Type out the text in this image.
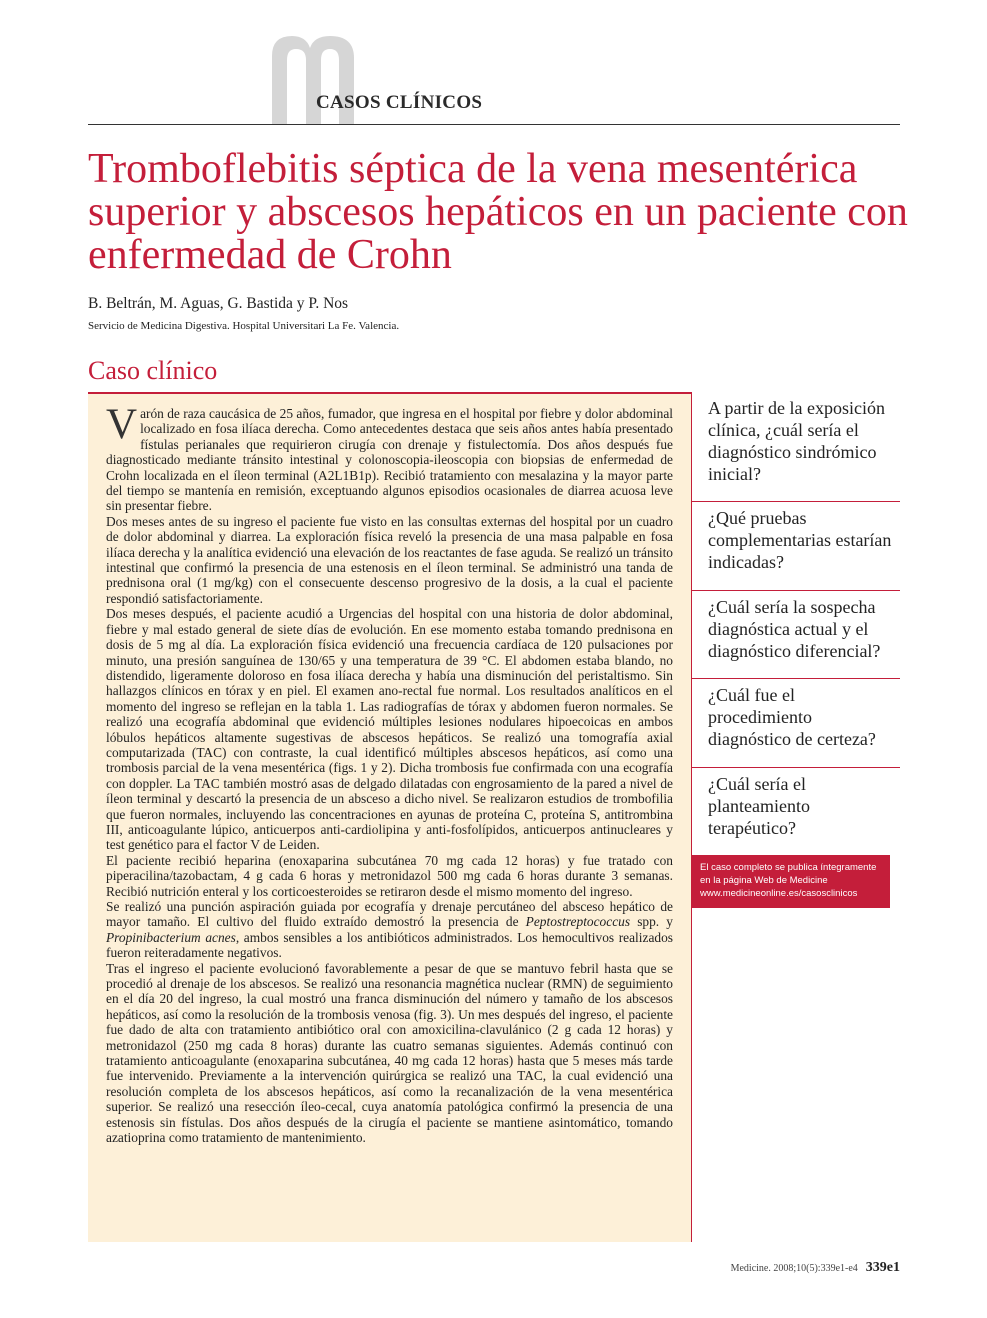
CASOS CLÍNICOS
Tromboflebitis séptica de la vena mesentérica superior y abscesos hepáticos en un paciente con enfermedad de Crohn
B. Beltrán, M. Aguas, G. Bastida y P. Nos
Servicio de Medicina Digestiva. Hospital Universitari La Fe. Valencia.
Caso clínico

Varón de raza caucásica de 25 años, fumador, que ingresa en el hospital por fiebre y dolor abdominal localizado en fosa ilíaca derecha. Como antecedentes destaca que seis años antes había presentado fístulas perianales que requirieron cirugía con drenaje y fistulectomía. Dos años después fue diagnosticado mediante tránsito intestinal y colonoscopia-ileoscopia con biopsias de enfermedad de Crohn localizada en el íleon terminal (A2L1B1p). Recibió tratamiento con mesalazina y la mayor parte del tiempo se mantenía en remisión, exceptuando algunos episodios ocasionales de diarrea acuosa leve sin presentar fiebre.

Dos meses antes de su ingreso el paciente fue visto en las consultas externas del hospital por un cuadro de dolor abdominal y diarrea. La exploración física reveló la presencia de una masa palpable en fosa ilíaca derecha y la analítica evidenció una elevación de los reactantes de fase aguda. Se realizó un tránsito intestinal que confirmó la presencia de una estenosis en el íleon terminal. Se administró una tanda de prednisona oral (1 mg/kg) con el consecuente descenso progresivo de la dosis, a la cual el paciente respondió satisfactoriamente.

Dos meses después, el paciente acudió a Urgencias del hospital con una historia de dolor abdominal, fiebre y mal estado general de siete días de evolución. En ese momento estaba tomando prednisona en dosis de 5 mg al día. La exploración física evidenció una frecuencia cardíaca de 120 pulsaciones por minuto, una presión sanguínea de 130/65 y una temperatura de 39 °C. El abdomen estaba blando, no distendido, ligeramente doloroso en fosa ilíaca derecha y había una disminución del peristaltismo. Sin hallazgos clínicos en tórax y en piel. El examen ano-rectal fue normal. Los resultados analíticos en el momento del ingreso se reflejan en la tabla 1. Las radiografías de tórax y abdomen fueron normales. Se realizó una ecografía abdominal que evidenció múltiples lesiones nodulares hipoecoicas en ambos lóbulos hepáticos altamente sugestivas de abscesos hepáticos. Se realizó una tomografía axial computarizada (TAC) con contraste, la cual identificó múltiples abscesos hepáticos, así como una trombosis parcial de la vena mesentérica (figs. 1 y 2). Dicha trombosis fue confirmada con una ecografía con doppler. La TAC también mostró asas de delgado dilatadas con engrosamiento de la pared a nivel de íleon terminal y descartó la presencia de un absceso a dicho nivel. Se realizaron estudios de trombofilia que fueron normales, incluyendo las concentraciones en ayunas de proteína C, proteína S, antitrombina III, anticoagulante lúpico, anticuerpos anti-cardiolipina y anti-fosfolípidos, anticuerpos antinucleares y test genético para el factor V de Leiden.

El paciente recibió heparina (enoxaparina subcutánea 70 mg cada 12 horas) y fue tratado con piperacilina/tazobactam, 4 g cada 6 horas y metronidazol 500 mg cada 6 horas durante 3 semanas. Recibió nutrición enteral y los corticoesteroides se retiraron desde el mismo momento del ingreso.

Se realizó una punción aspiración guiada por ecografía y drenaje percutáneo del absceso hepático de mayor tamaño. El cultivo del fluido extraído demostró la presencia de Peptostreptococcus spp. y Propinibacterium acnes, ambos sensibles a los antibióticos administrados. Los hemocultivos realizados fueron reiteradamente negativos.

Tras el ingreso el paciente evolucionó favorablemente a pesar de que se mantuvo febril hasta que se procedió al drenaje de los abscesos. Se realizó una resonancia magnética nuclear (RMN) de seguimiento en el día 20 del ingreso, la cual mostró una franca disminución del número y tamaño de los abscesos hepáticos, así como la resolución de la trombosis venosa (fig. 3). Un mes después del ingreso, el paciente fue dado de alta con tratamiento antibiótico oral con amoxicilina-clavulánico (2 g cada 12 horas) y metronidazol (250 mg cada 8 horas) durante las cuatro semanas siguientes. Además continuó con tratamiento anticoagulante (enoxaparina subcutánea, 40 mg cada 12 horas) hasta que 5 meses más tarde fue intervenido. Previamente a la intervención quirúrgica se realizó una TAC, la cual evidenció una resolución completa de los abscesos hepáticos, así como la recanalización de la vena mesentérica superior. Se realizó una resección íleo-cecal, cuya anatomía patológica confirmó la presencia de una estenosis sin fístulas. Dos años después de la cirugía el paciente se mantiene asintomático, tomando azatioprina como tratamiento de mantenimiento.

A partir de la exposición clínica, ¿cuál sería el diagnóstico sindrómico inicial?
¿Qué pruebas complementarias estarían indicadas?
¿Cuál sería la sospecha diagnóstica actual y el diagnóstico diferencial?
¿Cuál fue el procedimiento diagnóstico de certeza?
¿Cuál sería el planteamiento terapéutico?
El caso completo se publica íntegramente
en la página Web de Medicine
www.medicineonline.es/casosclinicos
Medicine. 2008;10(5):339e1-e4 339e1
